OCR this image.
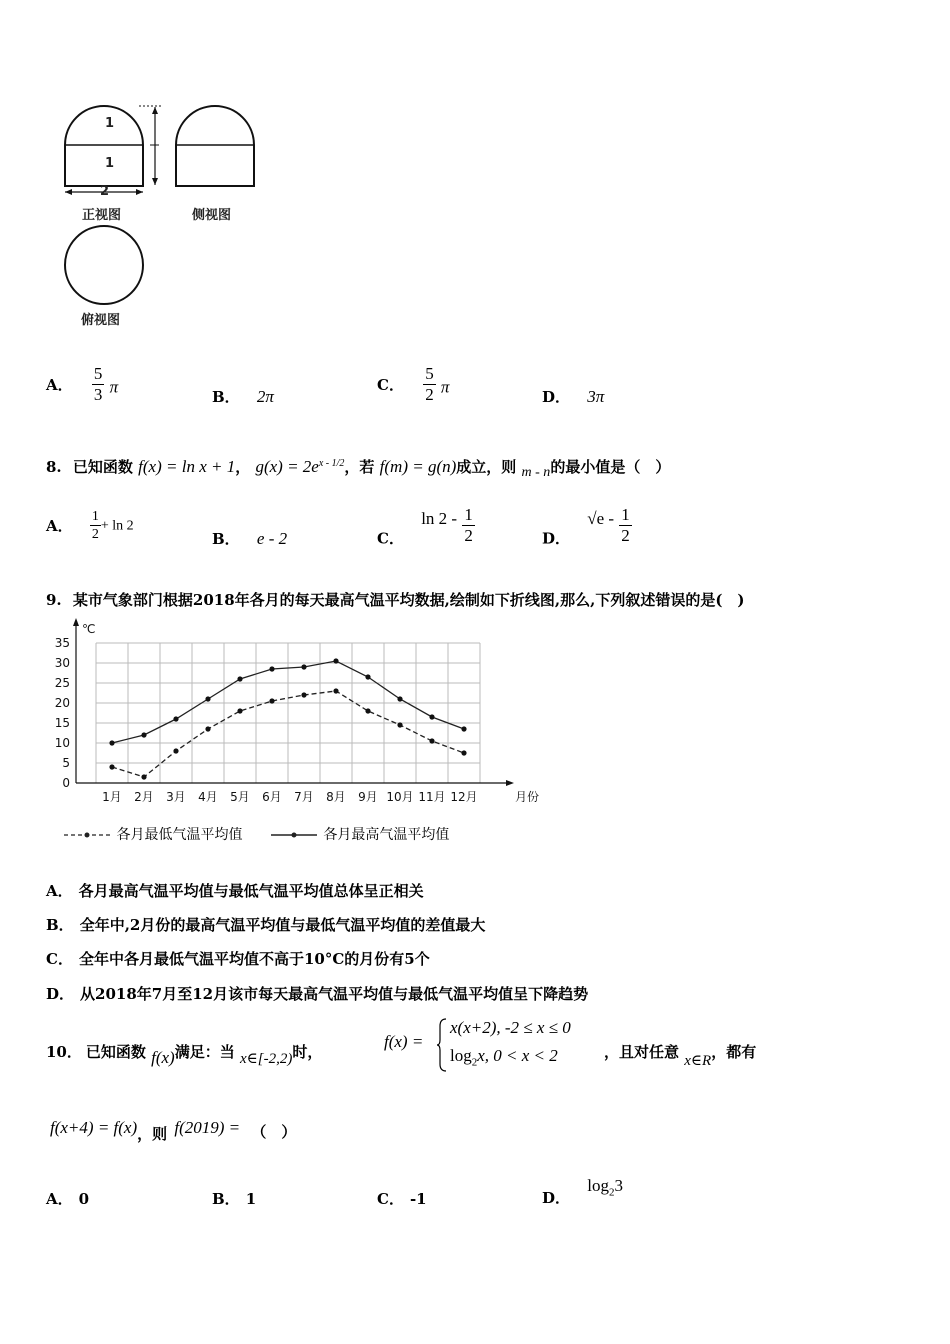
1
1
2
正视图	侧视图
俯视图
A． $\frac{5}{3}$ π
B． 2π
C． $\frac{5}{2}$ π
D． 3π
8. 已知函数 f(x) = ln x + 1， $g(x) = 2e^{x - 1/2}$，若 f(m) = g(n)成立，则 $_{m - n}$的最小值是（　）
A． $\frac{1}{2} + \ln 2$
B． e - 2	C． $\ln 2 - \frac{1}{2}$	D． $√e - \frac{1}{2}$
9. 某市气象部门根据2018年各月的每天最高气温平均数据,绘制如下折线图,那么,下列叙述错误的是(　)
0
5
10
15
20
25
30
35
℃
1月 2月 3月 4月 5月 6月 7月 8月 9月 10月 11月 12月	月份
各月最低气温平均值	各月最高气温平均值
A． 各月最高气温平均值与最低气温平均值总体呈正相关
B． 全年中,2月份的最高气温平均值与最低气温平均值的差值最大
C． 全年中各月最低气温平均值不高于10°C的月份有5个
D． 从2018年7月至12月该市每天最高气温平均值与最低气温平均值呈下降趋势
10． 已知函数 f(x)满足：当 x∈[-2,2)时，
f(x) =
x(x+2), -2 ≤ x ≤ 0
$\log_2x$, 0 < x < 2	，且对任意 x∈R，都有
f(x+4) = f(x)，则 f(2019) = （　）
A． 0	B． 1	C． -1	D． $\log_23$
